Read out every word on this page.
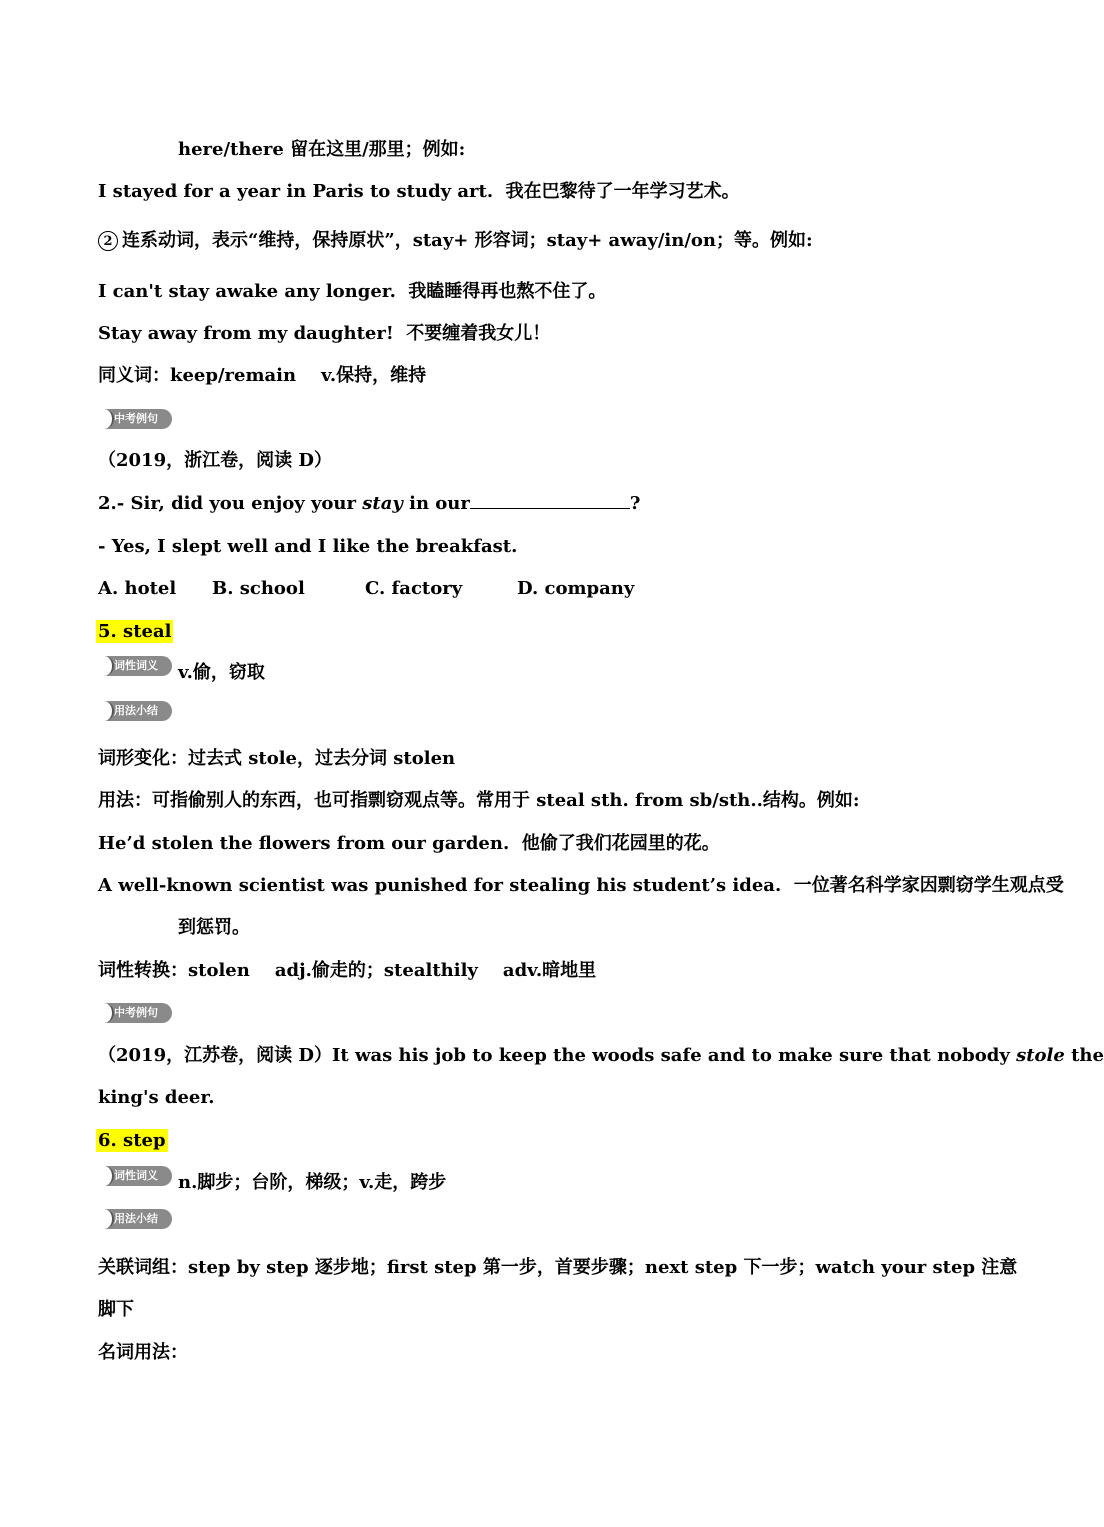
here/there 留在这里/那里；例如:
I stayed for a year in Paris to study art.  我在巴黎待了一年学习艺术。
2 连系动词，表示“维持，保持原状”，stay+ 形容词；stay+ away/in/on；等。例如:
I can't stay awake any longer.  我瞌睡得再也熬不住了。
Stay away from my daughter!  不要缠着我女儿！
同义词：keep/remain    v.保持，维持
中考例句
（2019，浙江卷，阅读 D）
2.- Sir, did you enjoy your stay in our	?
- Yes, I slept well and I like the breakfast.
A. hotel B. school	C. factory	D. company
5. steal
词性词义	v.偷，窃取
用法小结
词形变化：过去式 stole，过去分词 stolen
用法：可指偷别人的东西，也可指剽窃观点等。常用于 steal sth. from sb/sth..结构。例如:
He’d stolen the flowers from our garden.  他偷了我们花园里的花。
A well-known scientist was punished for stealing his student’s idea.  一位著名科学家因剽窃学生观点受
到惩罚。
词性转换：stolen    adj.偷走的；stealthily    adv.暗地里
中考例句
（2019，江苏卷，阅读 D）It was his job to keep the woods safe and to make sure that nobody stole the
king's deer.
6. step
词性词义	n.脚步；台阶，梯级；v.走，跨步
用法小结
关联词组：step by step 逐步地；first step 第一步，首要步骤；next step 下一步；watch your step 注意
脚下
名词用法：
